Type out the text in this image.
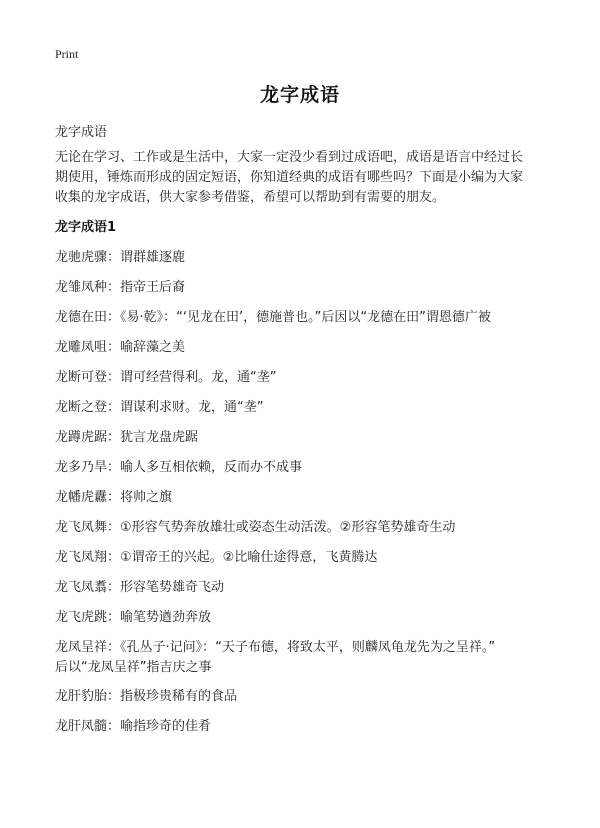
Print
龙字成语
龙字成语
无论在学习、工作或是生活中，大家一定没少看到过成语吧，成语是语言中经过长
期使用，锤炼而形成的固定短语，你知道经典的成语有哪些吗？下面是小编为大家
收集的龙字成语，供大家参考借鉴，希望可以帮助到有需要的朋友。
龙字成语1
龙驰虎骤：谓群雄逐鹿
龙雏凤种：指帝王后裔
龙德在田：《易·乾》：“‘见龙在田’，德施普也。”后因以“龙德在田”谓恩德广被
龙雕凤咀：喻辞藻之美
龙断可登：谓可经营得利。龙，通“垄”
龙断之登：谓谋利求财。龙，通“垄”
龙蹲虎踞：犹言龙盘虎踞
龙多乃旱：喻人多互相依赖，反而办不成事
龙幡虎纛：将帅之旗
龙飞凤舞：①形容气势奔放雄壮或姿态生动活泼。②形容笔势雄奇生动
龙飞凤翔：①谓帝王的兴起。②比喻仕途得意，飞黄腾达
龙飞凤翥：形容笔势雄奇飞动
龙飞虎跳：喻笔势遒劲奔放
龙凤呈祥：《孔丛子·记问》：“天子布德，将致太平，则麟凤龟龙先为之呈祥。”
后以“龙凤呈祥”指吉庆之事
龙肝豹胎：指极珍贵稀有的食品
龙肝凤髓：喻指珍奇的佳肴
